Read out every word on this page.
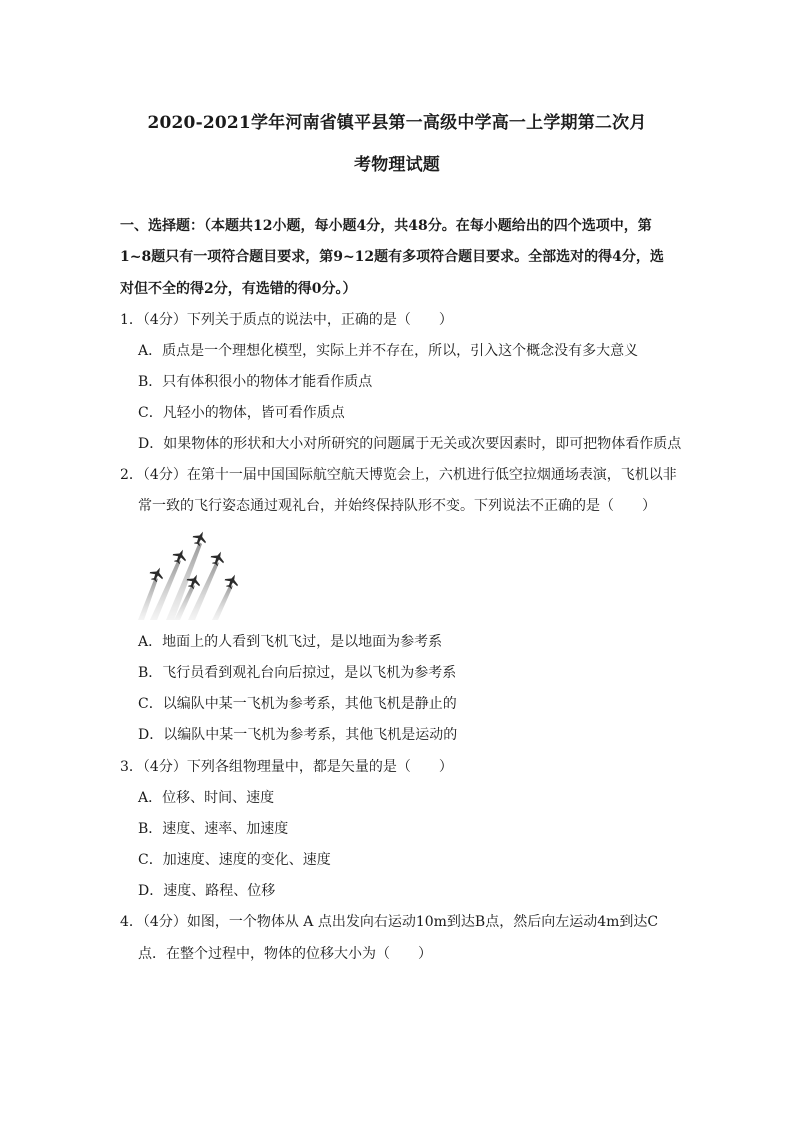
2020-2021学年河南省镇平县第一高级中学高一上学期第二次月
考物理试题
一、选择题：（本题共12小题，每小题4分，共48分。在每小题给出的四个选项中，第
1~8题只有一项符合题目要求，第9~12题有多项符合题目要求。全部选对的得4分，选
对但不全的得2分，有选错的得0分。）
1．（4分）下列关于质点的说法中，正确的是（　　）
A．质点是一个理想化模型，实际上并不存在，所以，引入这个概念没有多大意义
B．只有体积很小的物体才能看作质点
C．凡轻小的物体，皆可看作质点
D．如果物体的形状和大小对所研究的问题属于无关或次要因素时，即可把物体看作质点
2．（4分）在第十一届中国国际航空航天博览会上，六机进行低空拉烟通场表演，飞机以非
常一致的飞行姿态通过观礼台，并始终保持队形不变。下列说法不正确的是（　　）
A．地面上的人看到飞机飞过，是以地面为参考系
B．飞行员看到观礼台向后掠过，是以飞机为参考系
C．以编队中某一飞机为参考系，其他飞机是静止的
D．以编队中某一飞机为参考系，其他飞机是运动的
3．（4分）下列各组物理量中，都是矢量的是（　　）
A．位移、时间、速度
B．速度、速率、加速度
C．加速度、速度的变化、速度
D．速度、路程、位移
4．（4分）如图，一个物体从 A 点出发向右运动10m到达B点，然后向左运动4m到达C
点．在整个过程中，物体的位移大小为（　　）
